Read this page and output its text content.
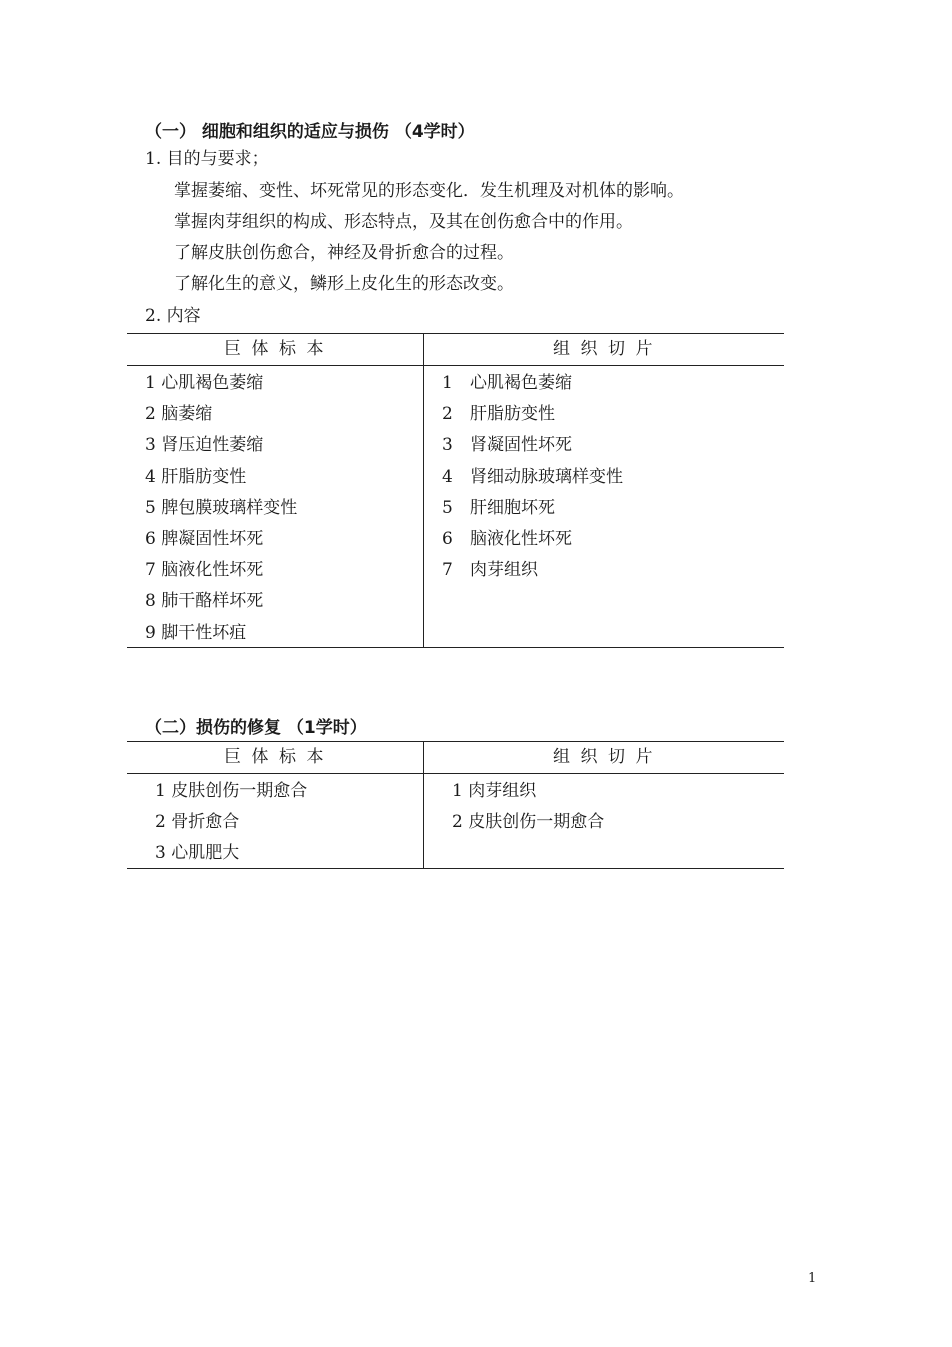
（一） 细胞和组织的适应与损伤 （4学时）
1. 目的与要求；
掌握萎缩、变性、坏死常见的形态变化．发生机理及对机体的影响。
掌握肉芽组织的构成、形态特点，及其在创伤愈合中的作用。
了解皮肤创伤愈合，神经及骨折愈合的过程。
了解化生的意义，鳞形上皮化生的形态改变。
2. 内容
巨 体 标 本
1 心肌褐色萎缩
2 脑萎缩
3 肾压迫性萎缩
4 肝脂肪变性
5 脾包膜玻璃样变性
6 脾凝固性坏死
7 脑液化性坏死
8 肺干酪样坏死
9 脚干性坏疽
组 织 切 片
1 心肌褐色萎缩
2 肝脂肪变性
3 肾凝固性坏死
4 肾细动脉玻璃样变性
5 肝细胞坏死
6 脑液化性坏死
7 肉芽组织
（二）损伤的修复 （1学时）
巨 体 标 本
1 皮肤创伤一期愈合
2 骨折愈合
3 心肌肥大
组 织 切 片
1 肉芽组织
2 皮肤创伤一期愈合
1
